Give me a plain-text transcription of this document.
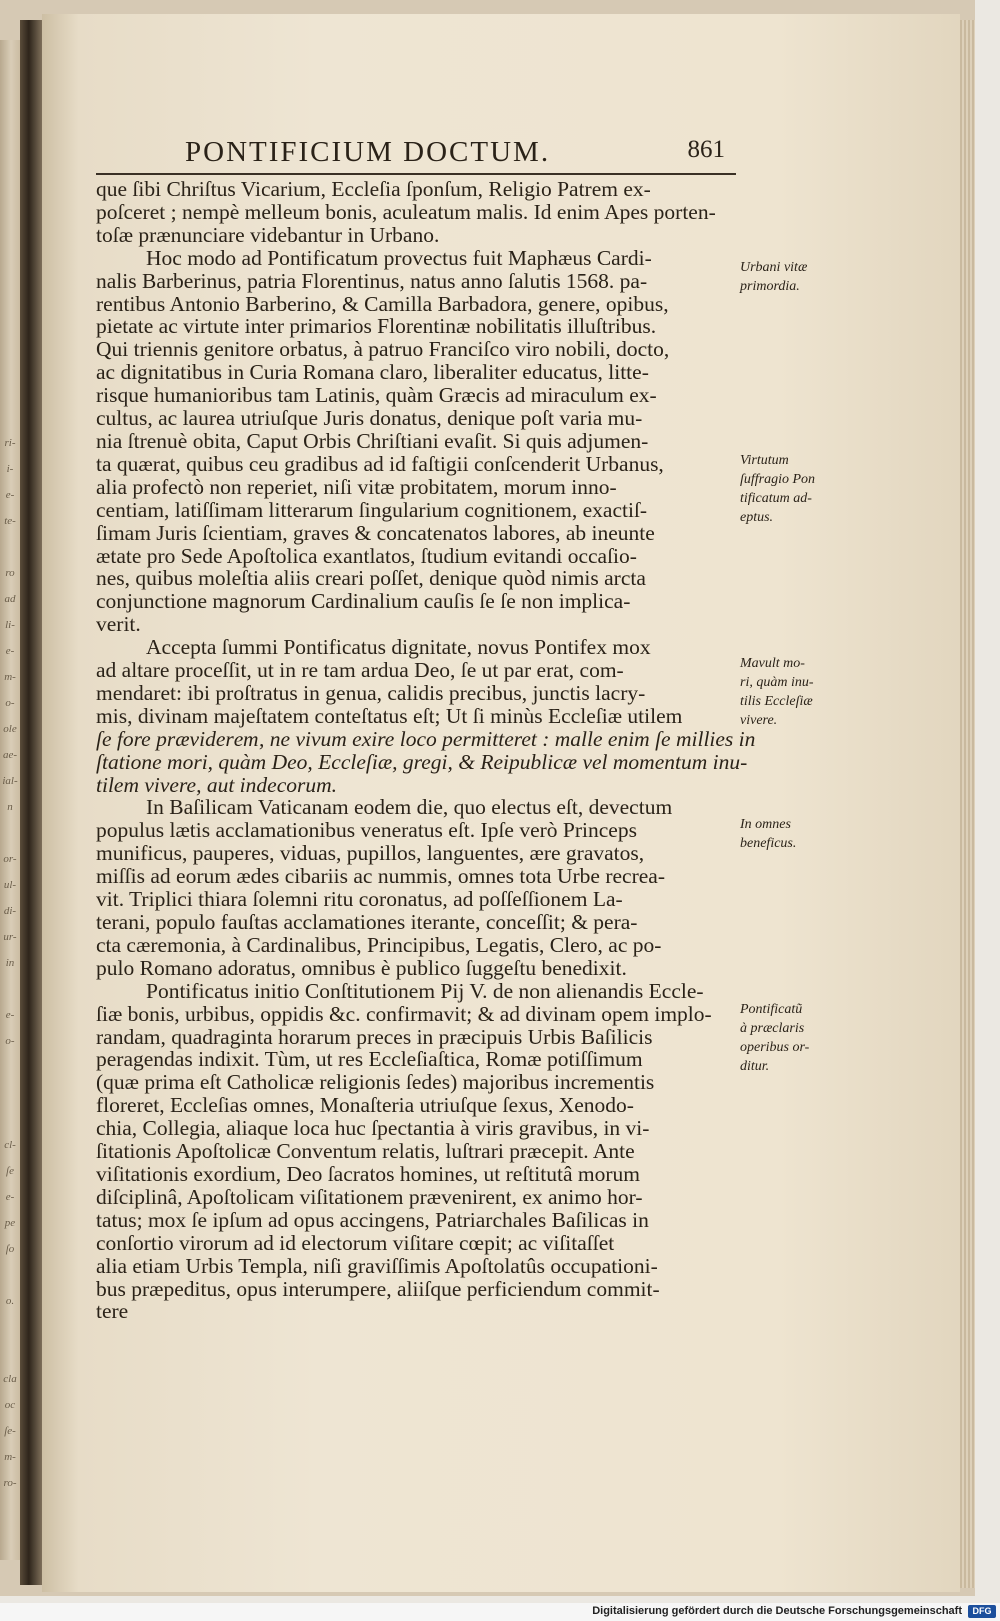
ri-
i-
e-
te-
ro
ad
li-
e-
m-
o-
ole
ae-
ial-
n
or-
ul-
di-
ur-
in
e-
o-
cl-
ſe
e-
pe
ſo
o.
cla
oc
ſe-
m-
ro-
PONTIFICIUM DOCTUM.	861
que ſibi Chriſtus Vicarium, Eccleſia ſponſum, Religio Patrem ex-
poſceret ; nempè melleum bonis, aculeatum malis. Id enim Apes porten-
toſæ prænunciare videbantur in Urbano.
Hoc modo ad Pontificatum provectus fuit Maphæus Cardi-
nalis Barberinus, patria Florentinus, natus anno ſalutis 1568. pa-
rentibus Antonio Barberino, & Camilla Barbadora, genere, opibus,
pietate ac virtute inter primarios Florentinæ nobilitatis illuſtribus.
Qui triennis genitore orbatus, à patruo Franciſco viro nobili, docto,
ac dignitatibus in Curia Romana claro, liberaliter educatus, litte-
risque humanioribus tam Latinis, quàm Græcis ad miraculum ex-
cultus, ac laurea utriuſque Juris donatus, denique poſt varia mu-
nia ſtrenuè obita, Caput Orbis Chriſtiani evaſit. Si quis adjumen-
ta quærat, quibus ceu gradibus ad id faſtigii conſcenderit Urbanus,
alia profectò non reperiet, niſi vitæ probitatem, morum inno-
centiam, latiſſimam litterarum ſingularium cognitionem, exactiſ-
ſimam Juris ſcientiam, graves & concatenatos labores, ab ineunte
ætate pro Sede Apoſtolica exantlatos, ſtudium evitandi occaſio-
nes, quibus moleſtia aliis creari poſſet, denique quòd nimis arcta
conjunctione magnorum Cardinalium cauſis ſe ſe non implica-
verit.
Accepta ſummi Pontificatus dignitate, novus Pontifex mox
ad altare proceſſit, ut in re tam ardua Deo, ſe ut par erat, com-
mendaret: ibi proſtratus in genua, calidis precibus, junctis lacry-
mis, divinam majeſtatem conteſtatus eſt; Ut ſi minùs Eccleſiæ utilem
ſe fore præviderет, ne vivum exire loco permitteret : malle enim ſe millies in
ſtatione mori, quàm Deo, Eccleſiæ, gregi, & Reipublicæ vel momentum inu-
tilem vivere, aut indecorum.
In Baſilicam Vaticanam eodem die, quo electus eſt, devectum
populus lætis acclamationibus veneratus eſt. Ipſe verò Princeps
munificus, pauperes, viduas, pupillos, languentes, ære gravatos,
miſſis ad eorum ædes cibariis ac nummis, omnes tota Urbe recrea-
vit. Triplici thiara ſolemni ritu coronatus, ad poſſeſſionem La-
terani, populo fauſtas acclamationes iterante, conceſſit; & pera-
cta cæremonia, à Cardinalibus, Principibus, Legatis, Clero, ac po-
pulo Romano adoratus, omnibus è publico ſuggeſtu benedixit.
Pontificatus initio Conſtitutionem Pij V. de non alienandis Eccle-
ſiæ bonis, urbibus, oppidis &c. confirmavit; & ad divinam opem implo-
randam, quadraginta horarum preces in præcipuis Urbis Baſilicis
peragendas indixit. Tùm, ut res Eccleſiaſtica, Romæ potiſſimum
(quæ prima eſt Catholicæ religionis ſedes) majoribus incrementis
floreret, Eccleſias omnes, Monaſteria utriuſque ſexus, Xenodo-
chia, Collegia, aliaque loca huc ſpectantia à viris gravibus, in vi-
ſitationis Apoſtolicæ Conventum relatis, luſtrari præcepit. Ante
viſitationis exordium, Deo ſacratos homines, ut reſtitutâ morum
diſciplinâ, Apoſtolicam viſitationem prævenirent, ex animo hor-
tatus; mox ſe ipſum ad opus accingens, Patriarchales Baſilicas in
conſortio virorum ad id electorum viſitare cœpit; ac viſitaſſet
alia etiam Urbis Templa, niſi graviſſimis Apoſtolatûs occupationi-
bus præpeditus, opus interumpere, aliiſque perficiendum commit-
tere
Urbani vitæ
primordia.
Virtutum
ſuffragio Pon
tificatum ad-
eptus.
Mavult mo-
ri, quàm inu-
tilis Eccleſiæ
vivere.
In omnes
beneficus.
Pontificatũ
à præclaris
operibus or-
ditur.
Digitalisierung gefördert durch die Deutsche Forschungsgemeinschaft	DFG
